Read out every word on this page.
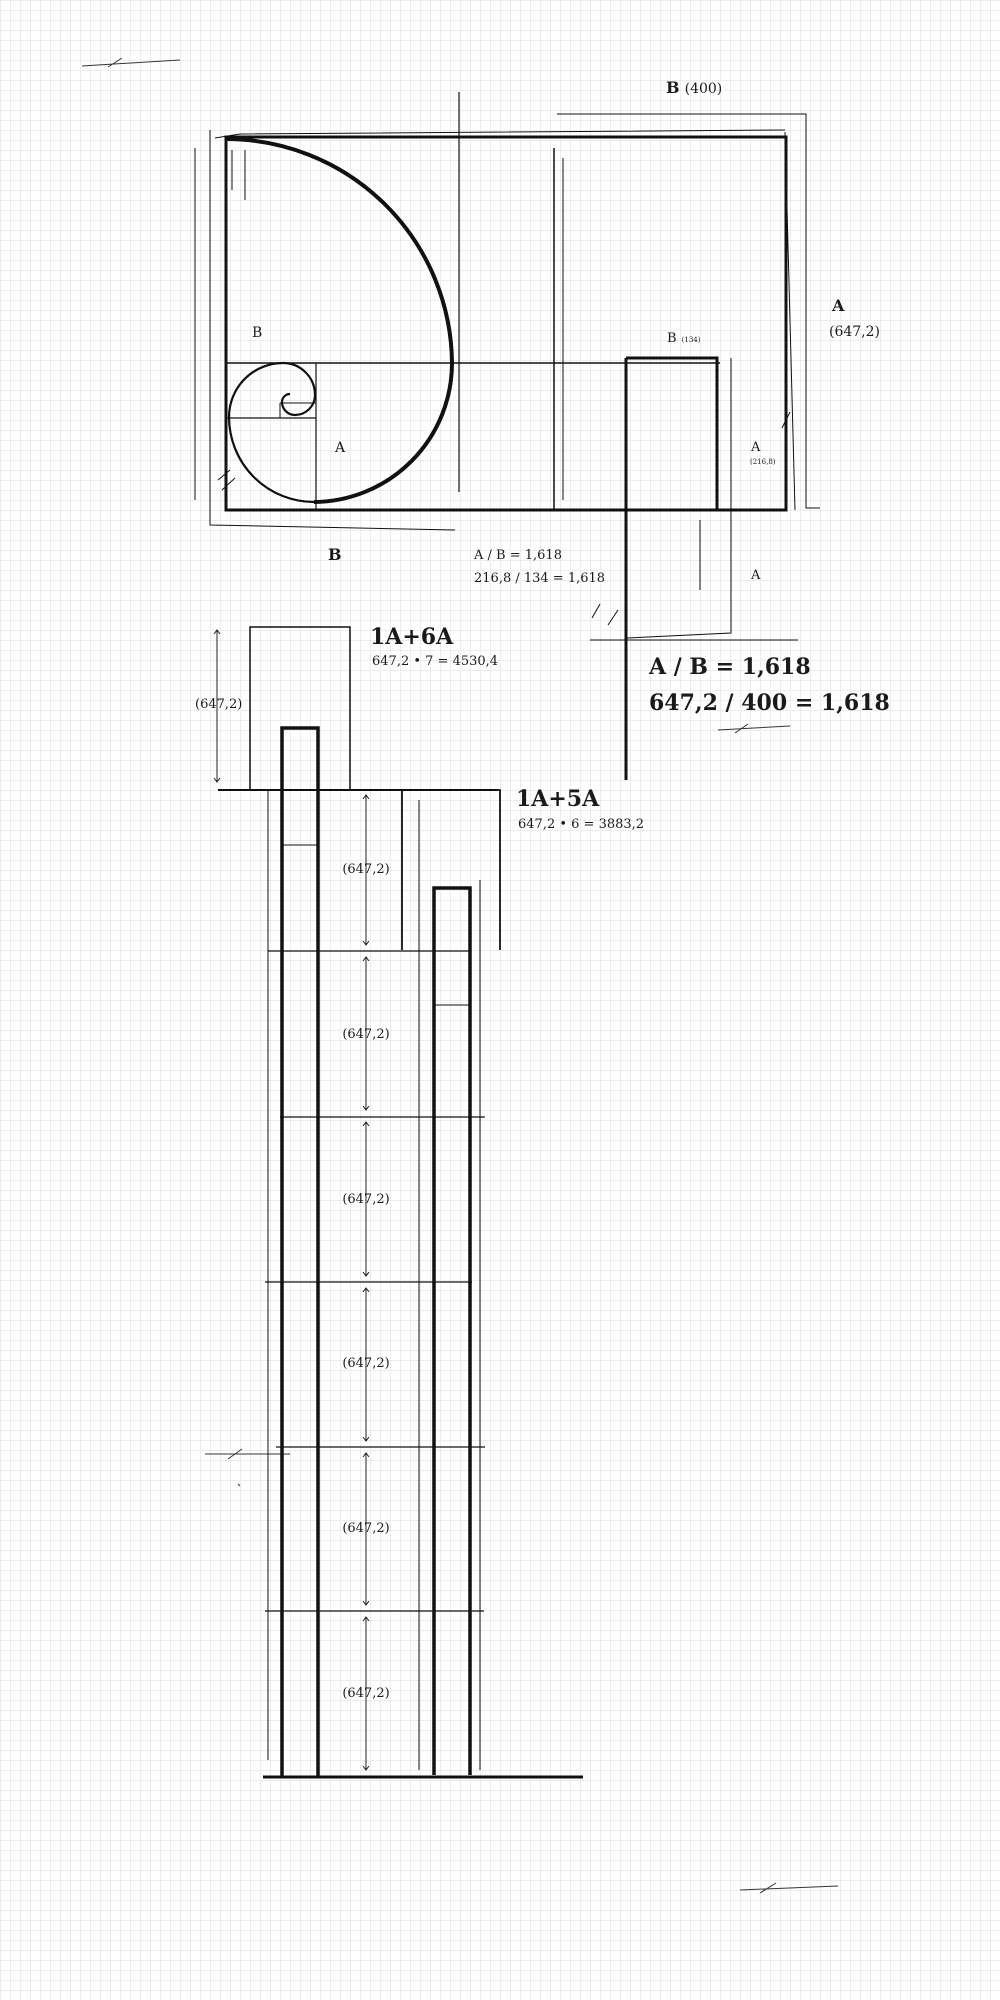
B (400)
A
(647,2)
B
A
B
B (134)
A
(216,8)
A
A / B = 1,618
216,8 / 134 = 1,618
A / B = 1,618
647,2 / 400 = 1,618
1A+6A
647,2 • 7 = 4530,4
(647,2)
1A+5A
647,2 • 6 = 3883,2
(647,2)
(647,2)
(647,2)
(647,2)
(647,2)
(647,2)
